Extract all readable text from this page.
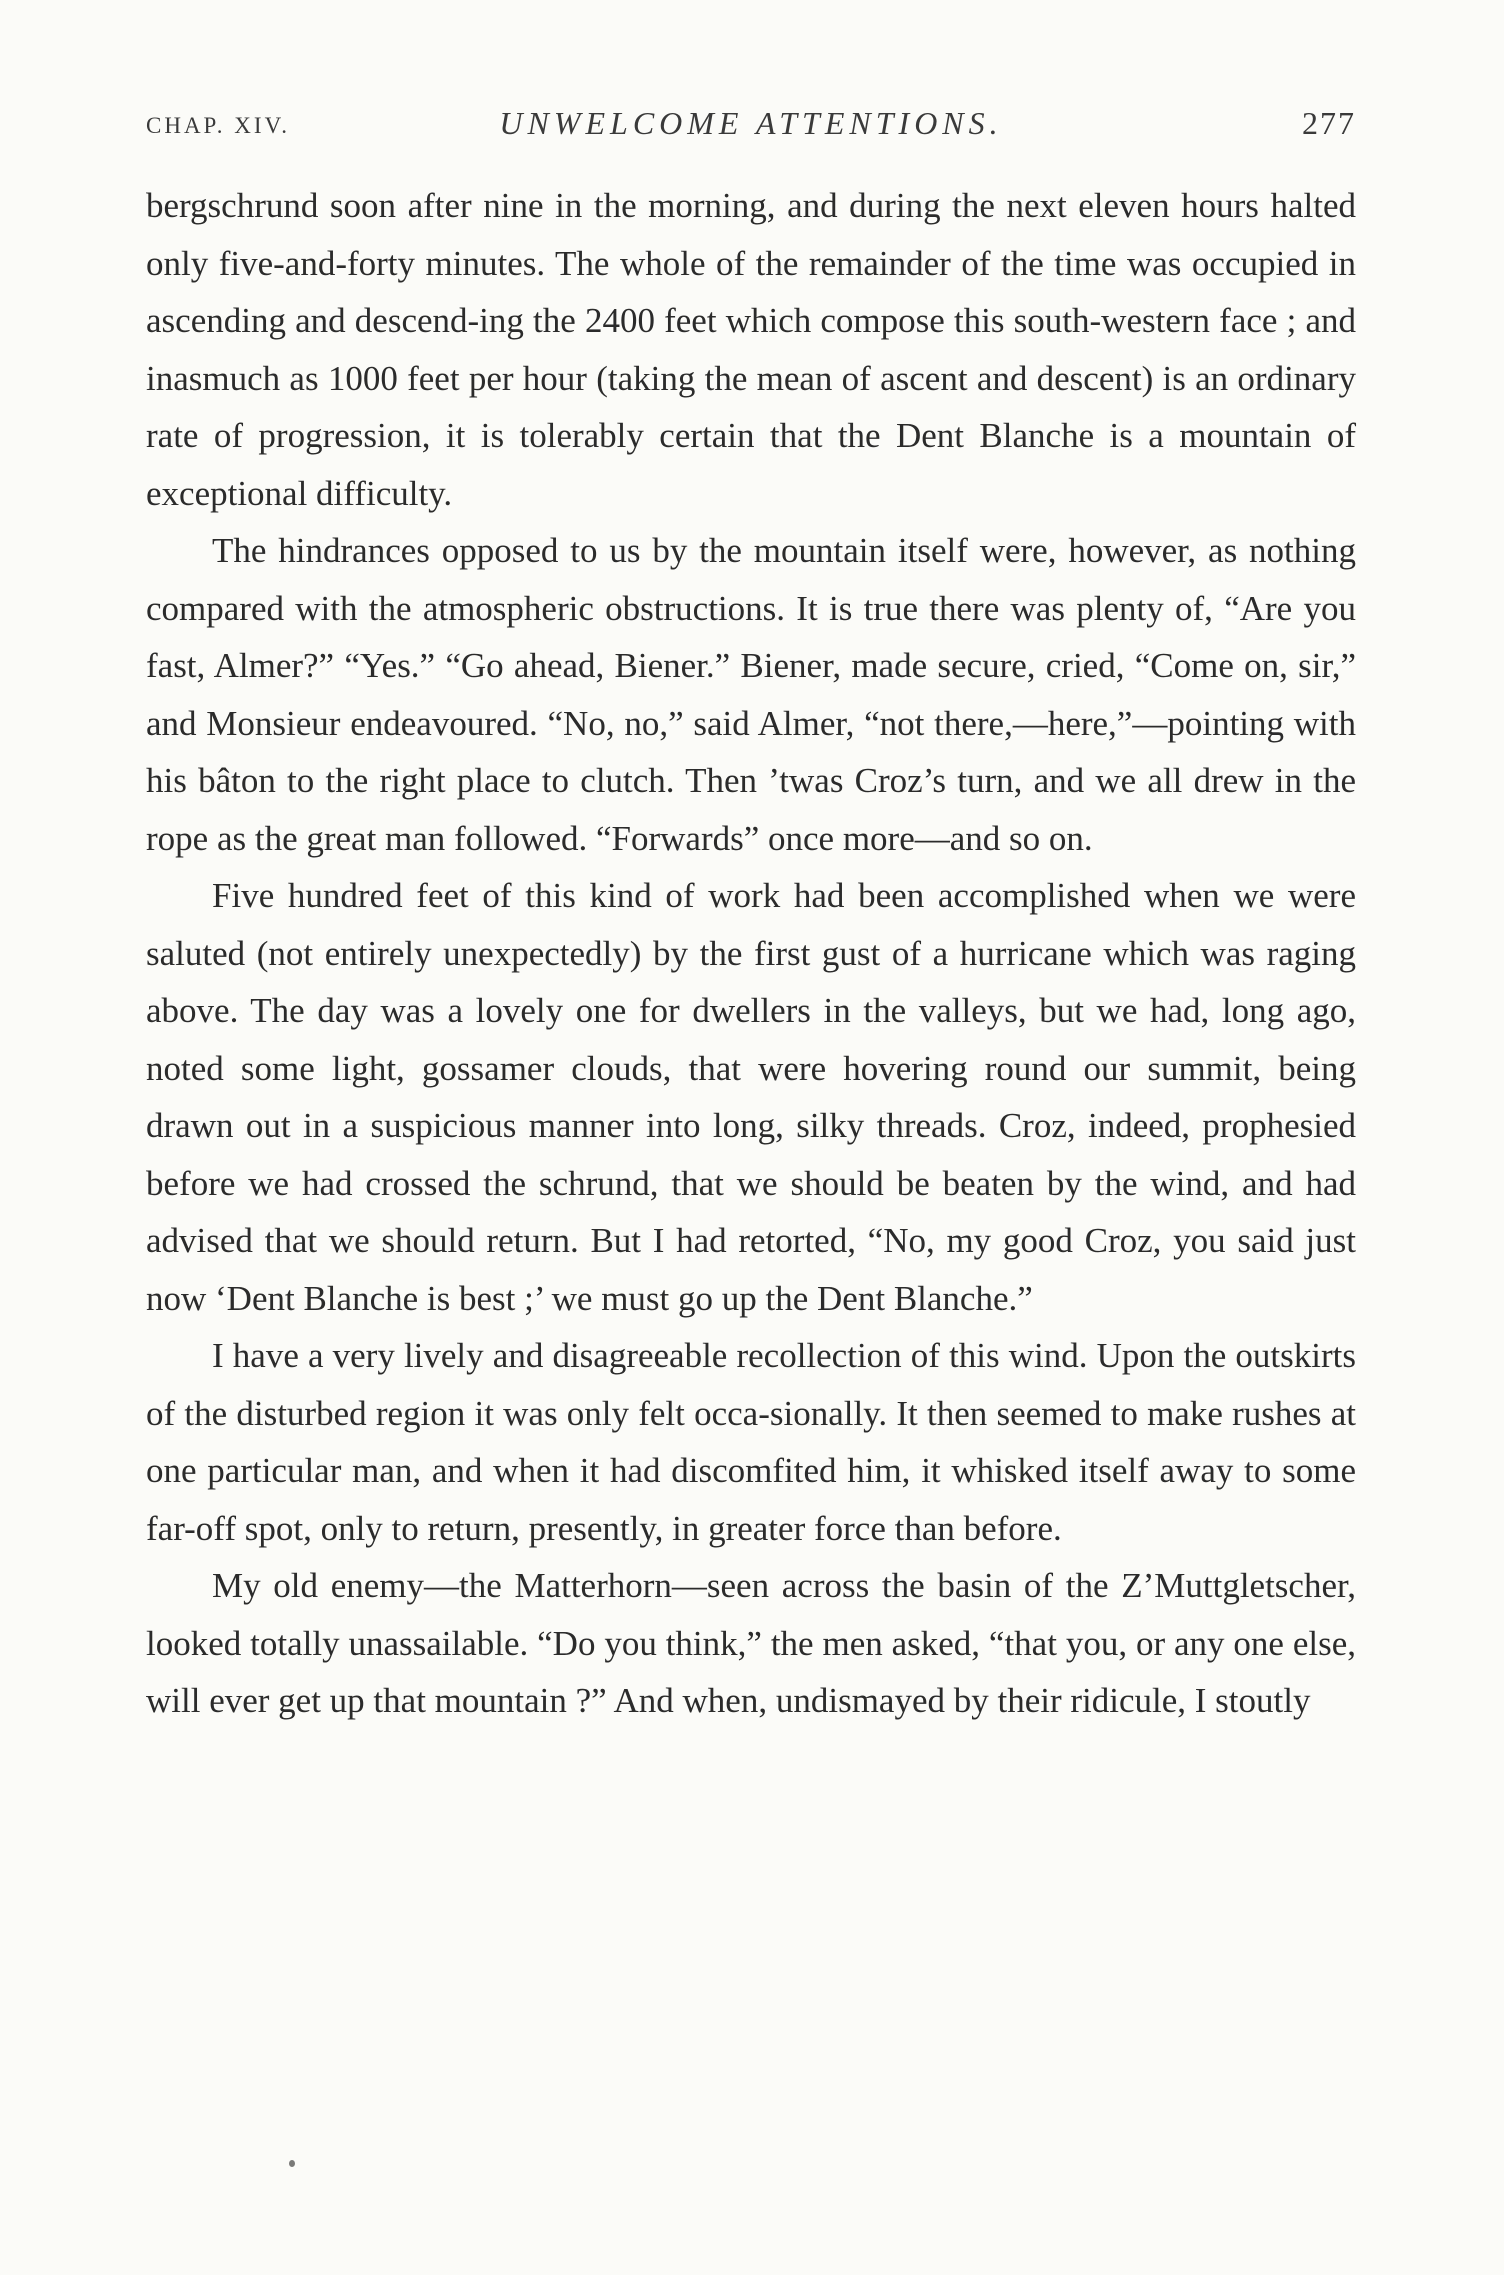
CHAP. XIV.	UNWELCOME ATTENTIONS.	277

bergschrund soon after nine in the morning, and during the next eleven hours halted only five-and-forty minutes. The whole of the remainder of the time was occupied in ascending and descend-ing the 2400 feet which compose this south-western face ; and inasmuch as 1000 feet per hour (taking the mean of ascent and descent) is an ordinary rate of progression, it is tolerably certain that the Dent Blanche is a mountain of exceptional difficulty.

The hindrances opposed to us by the mountain itself were, however, as nothing compared with the atmospheric obstructions. It is true there was plenty of, “Are you fast, Almer?” “Yes.” “Go ahead, Biener.” Biener, made secure, cried, “Come on, sir,” and Monsieur endeavoured. “No, no,” said Almer, “not there,—here,”—pointing with his bâton to the right place to clutch. Then ’twas Croz’s turn, and we all drew in the rope as the great man followed. “Forwards” once more—and so on.

Five hundred feet of this kind of work had been accomplished when we were saluted (not entirely unexpectedly) by the first gust of a hurricane which was raging above. The day was a lovely one for dwellers in the valleys, but we had, long ago, noted some light, gossamer clouds, that were hovering round our summit, being drawn out in a suspicious manner into long, silky threads. Croz, indeed, prophesied before we had crossed the schrund, that we should be beaten by the wind, and had advised that we should return. But I had retorted, “No, my good Croz, you said just now ‘Dent Blanche is best ;’ we must go up the Dent Blanche.”

I have a very lively and disagreeable recollection of this wind. Upon the outskirts of the disturbed region it was only felt occa-sionally. It then seemed to make rushes at one particular man, and when it had discomfited him, it whisked itself away to some far-off spot, only to return, presently, in greater force than before.

My old enemy—the Matterhorn—seen across the basin of the Z’Muttgletscher, looked totally unassailable. “Do you think,” the men asked, “that you, or any one else, will ever get up that mountain ?” And when, undismayed by their ridicule, I stoutly
